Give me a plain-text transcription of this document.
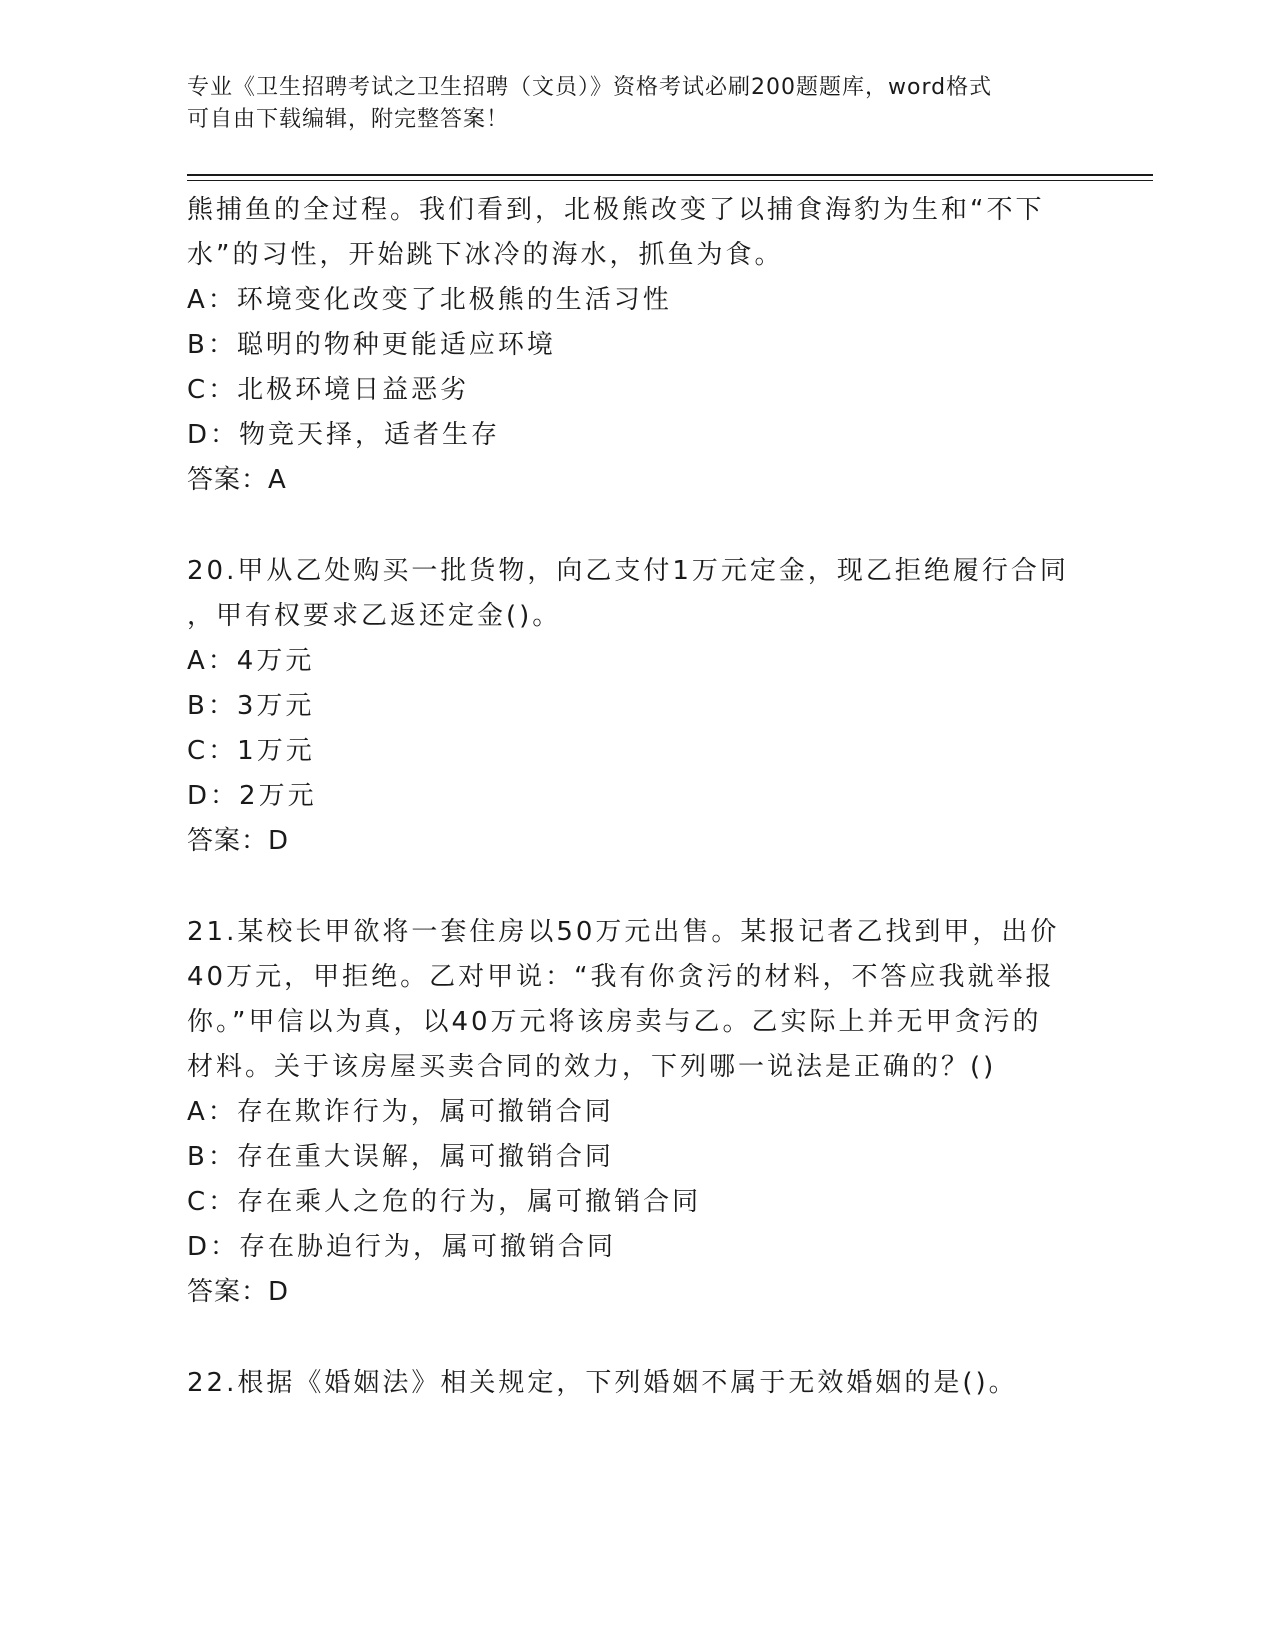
专业《卫生招聘考试之卫生招聘（文员）》资格考试必刷200题题库，word格式
可自由下载编辑，附完整答案！
熊捕鱼的全过程。我们看到，北极熊改变了以捕食海豹为生和“不下
水”的习性，开始跳下冰冷的海水，抓鱼为食。
A：环境变化改变了北极熊的生活习性
B：聪明的物种更能适应环境
C：北极环境日益恶劣
D：物竞天择，适者生存
答案：A
20.甲从乙处购买一批货物，向乙支付1万元定金，现乙拒绝履行合同
，甲有权要求乙返还定金()。
A：4万元
B：3万元
C：1万元
D：2万元
答案：D
21.某校长甲欲将一套住房以50万元出售。某报记者乙找到甲，出价
40万元，甲拒绝。乙对甲说：“我有你贪污的材料，不答应我就举报
你。”甲信以为真，以40万元将该房卖与乙。乙实际上并无甲贪污的
材料。关于该房屋买卖合同的效力，下列哪一说法是正确的？()
A：存在欺诈行为，属可撤销合同
B：存在重大误解，属可撤销合同
C：存在乘人之危的行为，属可撤销合同
D：存在胁迫行为，属可撤销合同
答案：D
22.根据《婚姻法》相关规定，下列婚姻不属于无效婚姻的是()。
